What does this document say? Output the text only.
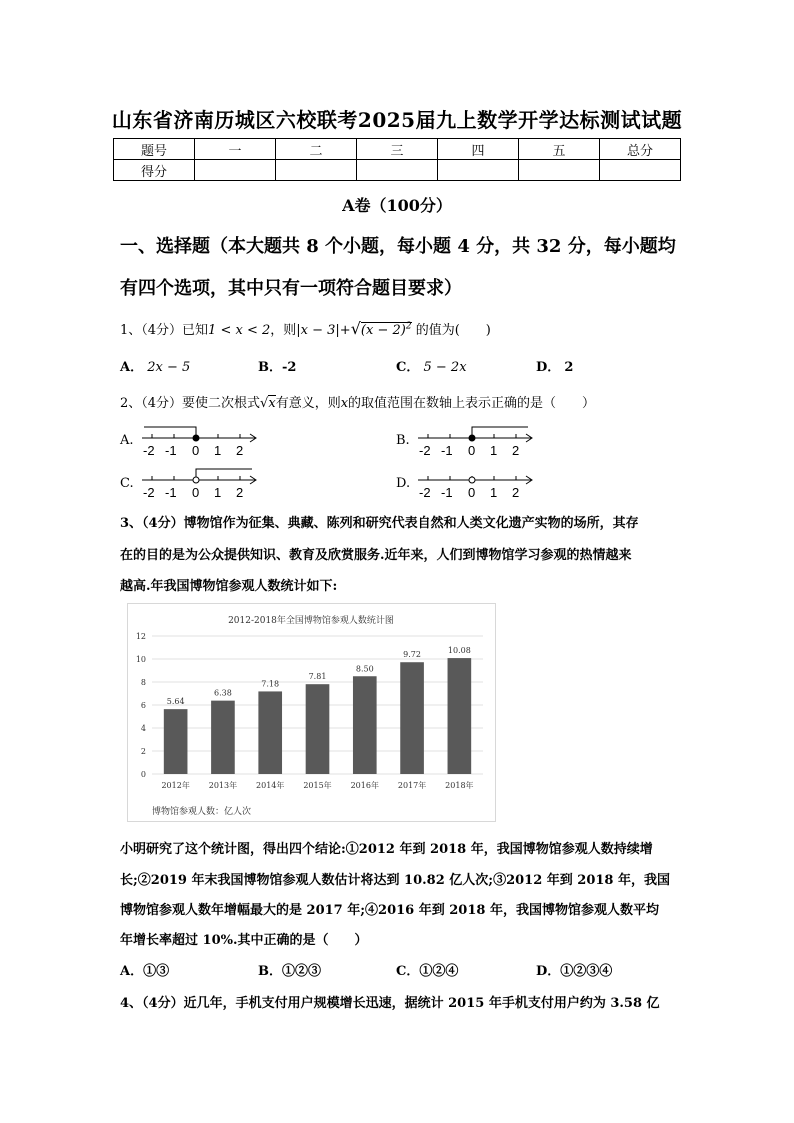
山东省济南历城区六校联考2025届九上数学开学达标测试试题
题号	一	二	三	四	五	总分
得分						
A卷（100分）
一、选择题（本大题共 8 个小题，每小题 4 分，共 32 分，每小题均
有四个选项，其中只有一项符合题目要求）
1、（4分）已知1 < x < 2，则$|x - 3|+√(x - 2)^2$ 的值为(　　)
A． 2x − 5	B．-2	C． 5 − 2x	D． 2
2、（4分）要使二次根式√x有意义，则x的取值范围在数轴上表示正确的是（　　）
A.	B.
C.	D.
-2 -1 0 1 2	-2 -1 0 1 2
-2 -1 0 1 2	-2 -1 0 1 2
3、（4分）博物馆作为征集、典藏、陈列和研究代表自然和人类文化遗产实物的场所，其存
在的目的是为公众提供知识、教育及欣赏服务.近年来，人们到博物馆学习参观的热情越来
越高.年我国博物馆参观人数统计如下:
2012-2018年全国博物馆参观人数统计图
5.64
6.38
7.18
7.81
8.50
9.72	10.08
2012年 2013年 2014年 2015年 2016年 2017年 2018年
0
2
4
6
8
10
12
博物馆参观人数：亿人次
小明研究了这个统计图，得出四个结论:①2012 年到 2018 年，我国博物馆参观人数持续增
长;②2019 年末我国博物馆参观人数估计将达到 10.82 亿人次;③2012 年到 2018 年，我国
博物馆参观人数年增幅最大的是 2017 年;④2016 年到 2018 年，我国博物馆参观人数平均
年增长率超过 10%.其中正确的是（　　）
A．①③	B．①②③	C．①②④	D．①②③④
4、（4分）近几年，手机支付用户规模增长迅速，据统计 2015 年手机支付用户约为 3.58 亿
